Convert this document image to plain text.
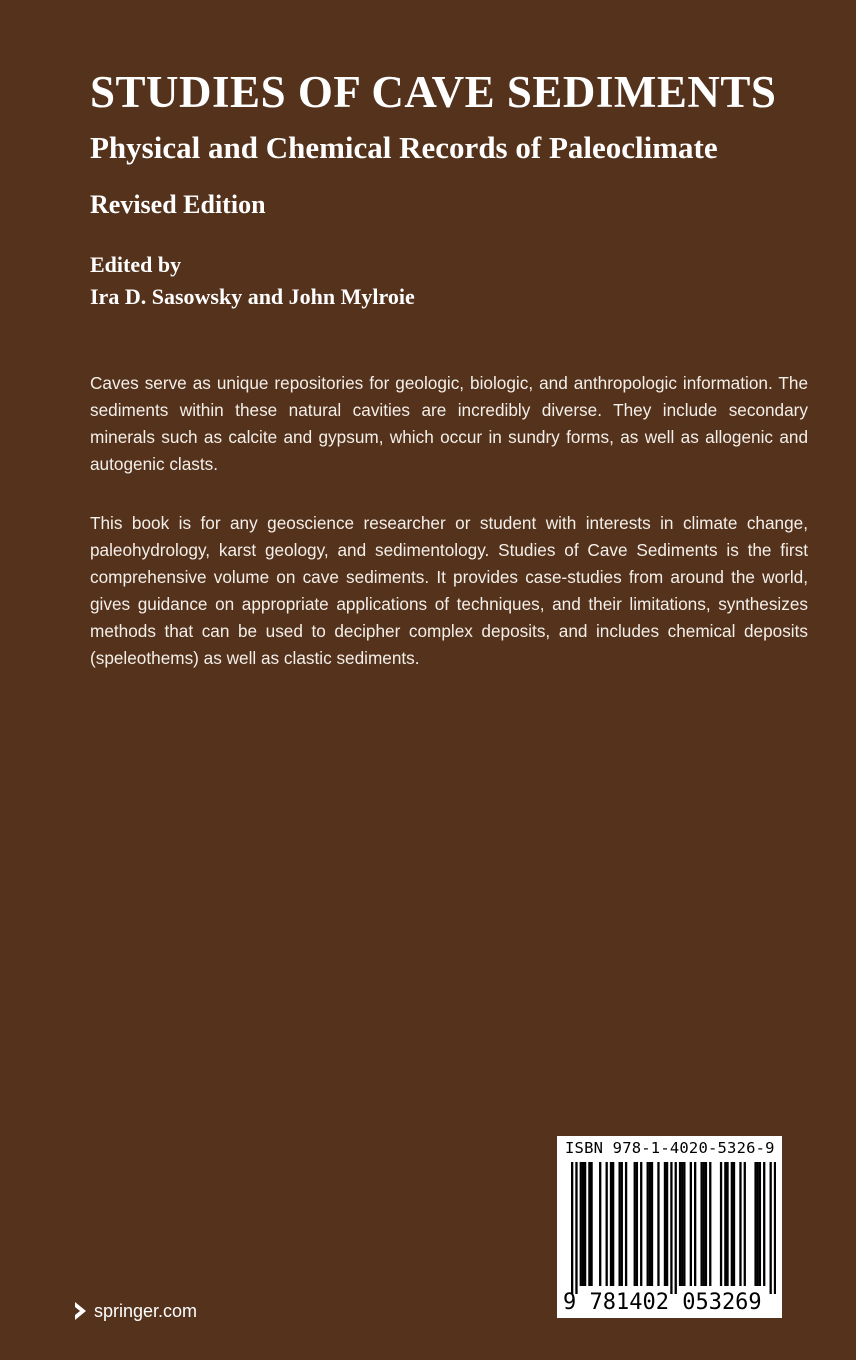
STUDIES OF CAVE SEDIMENTS
Physical and Chemical Records of Paleoclimate
Revised Edition
Edited by
Ira D. Sasowsky and John Mylroie

Caves serve as unique repositories for geologic, biologic, and anthropologic information. The sediments within these natural cavities are incredibly diverse. They include secondary minerals such as calcite and gypsum, which occur in sundry forms, as well as allogenic and autogenic clasts.

This book is for any geoscience researcher or student with interests in climate change, paleohydrology, karst geology, and sedimentology. Studies of Cave Sediments is the first comprehensive volume on cave sediments. It provides case-studies from around the world, gives guidance on appropriate applications of techniques, and their limitations, synthesizes methods that can be used to decipher complex deposits, and includes chemical deposits (speleothems) as well as clastic sediments.

ISBN 978-1-4020-5326-9
9 781402 053269
springer.com
